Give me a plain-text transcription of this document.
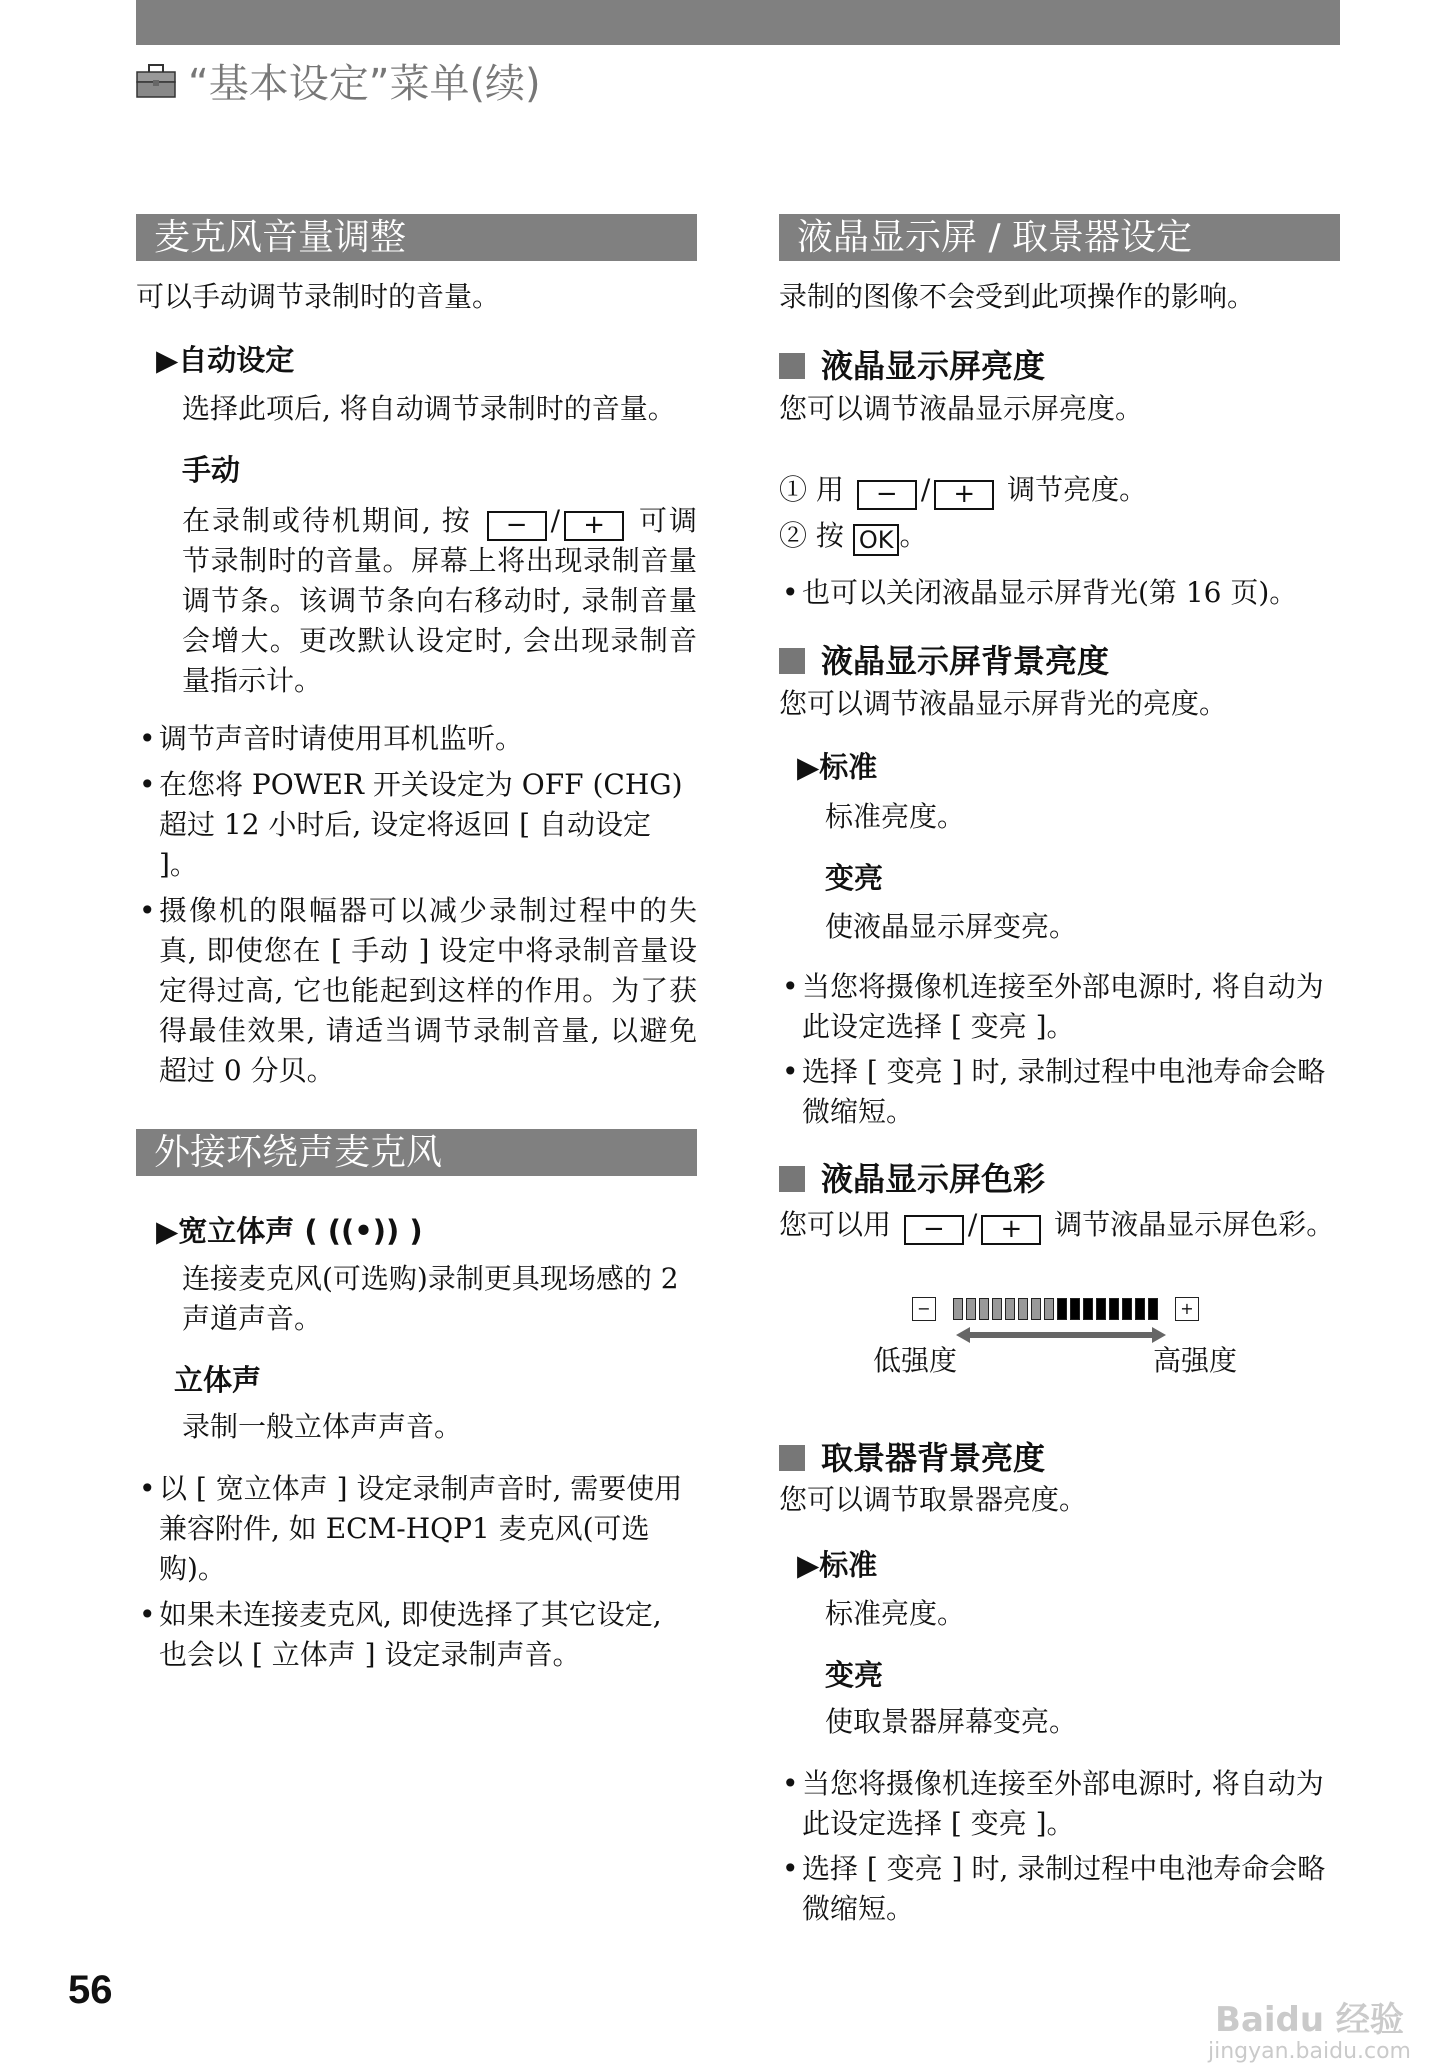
“基本设定”菜单(续)
麦克风音量调整
可以手动调节录制时的音量。
▶自动设定
选择此项后, 将自动调节录制时的音量。
手动
在录制或待机期间, 按 − / + 可调节录制时的音量。屏幕上将出现录制音量调节条。该调节条向右移动时, 录制音量会增大。更改默认设定时, 会出现录制音量指示计。
• 调节声音时请使用耳机监听。
• 在您将 POWER 开关设定为 OFF (CHG) 超过 12 小时后, 设定将返回 [ 自动设定 ]。
• 摄像机的限幅器可以减少录制过程中的失真, 即使您在 [ 手动 ] 设定中将录制音量设定得过高, 它也能起到这样的作用。为了获得最佳效果, 请适当调节录制音量, 以避免超过 0 分贝。
外接环绕声麦克风
▶宽立体声 ( ((•)) )
连接麦克风(可选购)录制更具现场感的 2 声道声音。
立体声
录制一般立体声声音。
• 以 [ 宽立体声 ] 设定录制声音时, 需要使用兼容附件, 如 ECM-HQP1 麦克风(可选购)。
• 如果未连接麦克风, 即使选择了其它设定, 也会以 [ 立体声 ] 设定录制声音。
液晶显示屏 / 取景器设定
录制的图像不会受到此项操作的影响。
液晶显示屏亮度
您可以调节液晶显示屏亮度。
① 用 − / + 调节亮度。
② 按 OK 。
• 也可以关闭液晶显示屏背光(第 16 页)。
液晶显示屏背景亮度
您可以调节液晶显示屏背光的亮度。
▶标准
标准亮度。
变亮
使液晶显示屏变亮。
• 当您将摄像机连接至外部电源时, 将自动为此设定选择 [ 变亮 ]。
• 选择 [ 变亮 ] 时, 录制过程中电池寿命会略微缩短。
液晶显示屏色彩
您可以用 − / + 调节液晶显示屏色彩。
−	+
低强度	高强度
取景器背景亮度
您可以调节取景器亮度。
▶标准
标准亮度。
变亮
使取景器屏幕变亮。
• 当您将摄像机连接至外部电源时, 将自动为此设定选择 [ 变亮 ]。
• 选择 [ 变亮 ] 时, 录制过程中电池寿命会略微缩短。
56
Baidu 经验
jingyan.baidu.com
